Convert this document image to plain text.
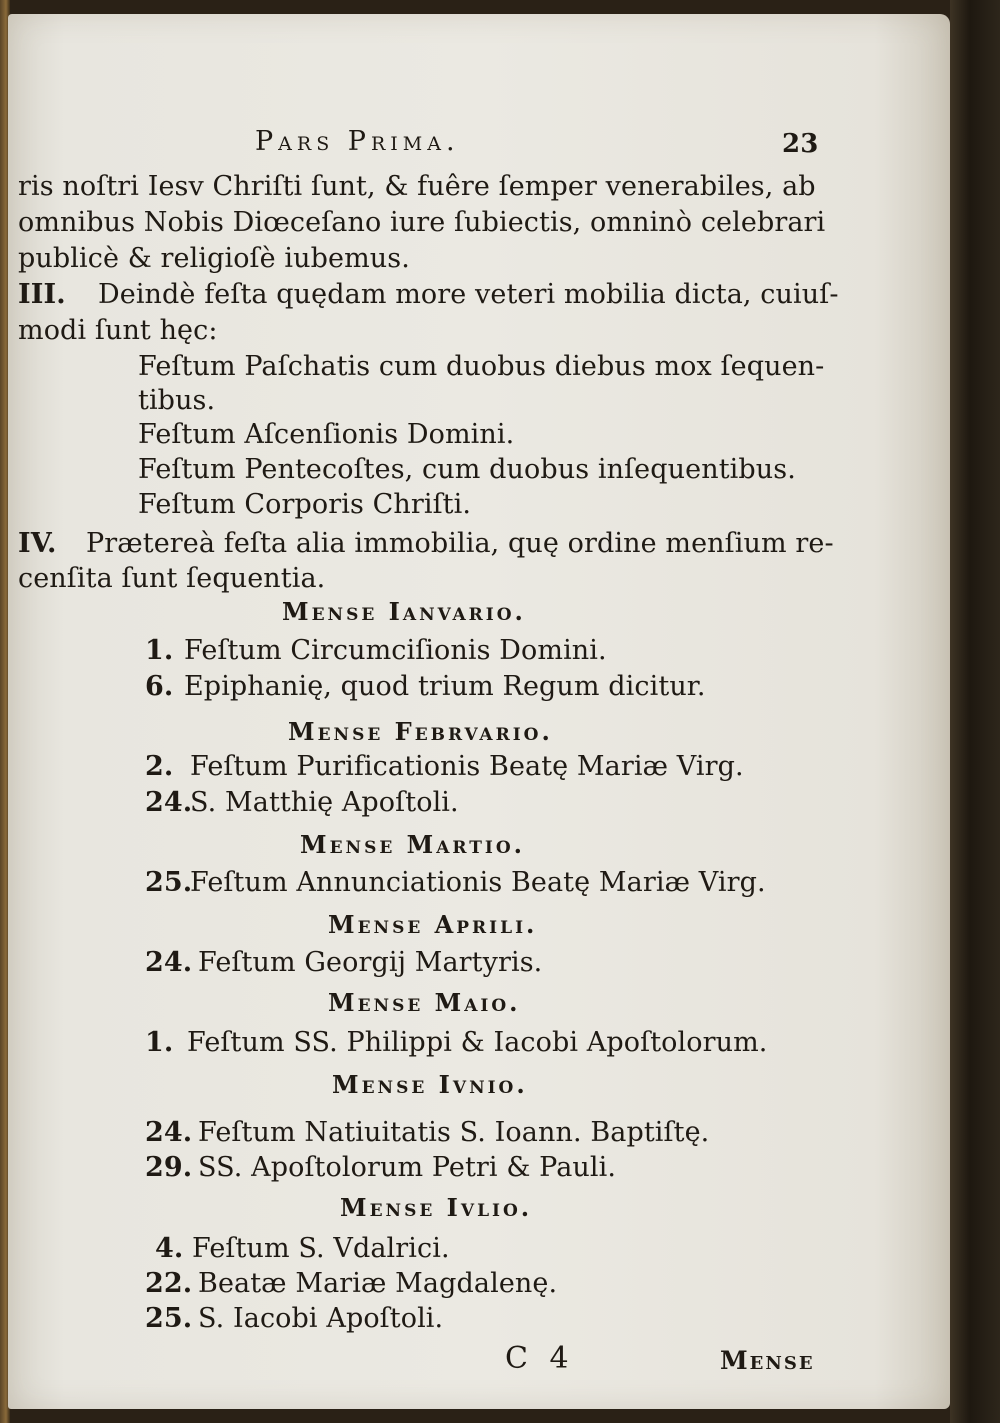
Pars Prima.	23
ris noſtri Iesv Chriſti ſunt, & fuêre ſemper venerabiles, ab
omnibus Nobis Diœceſano iure ſubiectis, omninò celebrari
publicè & religioſè iubemus.
III. Deindè feſta quędam more veteri mobilia dicta, cuiuſ-
modi ſunt hęc:
Feſtum Paſchatis cum duobus diebus mox ſequen-
tibus.
Feſtum Aſcenſionis Domini.
Feſtum Pentecoſtes, cum duobus inſequentibus.
Feſtum Corporis Chriſti.
IV. Prætereà feſta alia immobilia, quę ordine menſium re-
cenſita ſunt ſequentia.
Mense Ianvario.
1. Feſtum Circumciſionis Domini.
6. Epiphanię, quod trium Regum dicitur.
Mense Febrvario.
2. Feſtum Purificationis Beatę Mariæ Virg.
24.
S. Matthię Apoſtoli.
Mense Martio.
25.
Feſtum Annunciationis Beatę Mariæ Virg.
Mense Aprili.
24. Feſtum Georgij Martyris.
Mense Maio.
1. Feſtum SS. Philippi & Iacobi Apoſtolorum.
Mense Ivnio.
24. Feſtum Natiuitatis S. Ioann. Baptiſtę.
29. SS. Apoſtolorum Petri & Pauli.
Mense Ivlio.
4. Feſtum S. Vdalrici.
22. Beatæ Mariæ Magdalenę.
25. S. Iacobi Apoſtoli.
C 4	Mense
